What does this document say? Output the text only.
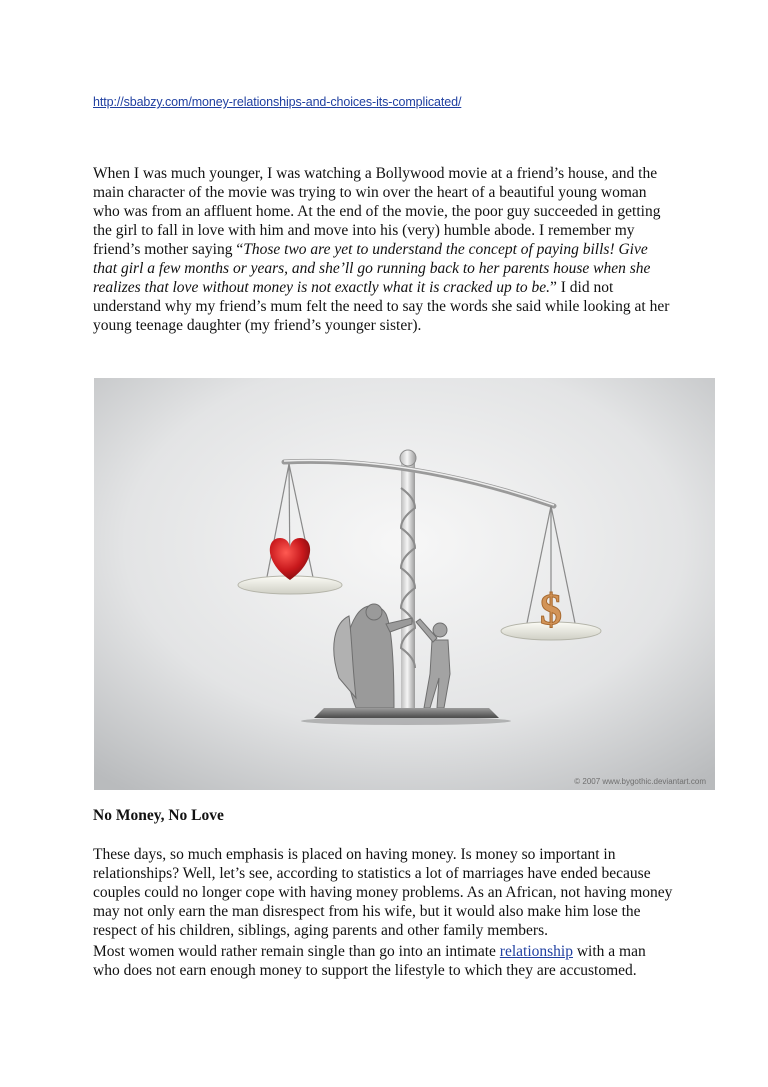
http://sbabzy.com/money-relationships-and-choices-its-complicated/
When I was much younger, I was watching a Bollywood movie at a friend’s house, and the
main character of the movie was trying to win over the heart of a beautiful young woman
who was from an affluent home. At the end of the movie, the poor guy succeeded in getting
the girl to fall in love with him and move into his (very) humble abode. I remember my
friend’s mother saying “Those two are yet to understand the concept of paying bills! Give
that girl a few months or years, and she’ll go running back to her parents house when she
realizes that love without money is not exactly what it is cracked up to be.” I did not
understand why my friend’s mum felt the need to say the words she said while looking at her
young teenage daughter (my friend’s younger sister).
$
© 2007 www.bygothic.deviantart.com
No Money, No Love
These days, so much emphasis is placed on having money. Is money so important in
relationships? Well, let’s see, according to statistics a lot of marriages have ended because
couples could no longer cope with having money problems. As an African, not having money
may not only earn the man disrespect from his wife, but it would also make him lose the
respect of his children, siblings, aging parents and other family members.
Most women would rather remain single than go into an intimate relationship with a man
who does not earn enough money to support the lifestyle to which they are accustomed.
